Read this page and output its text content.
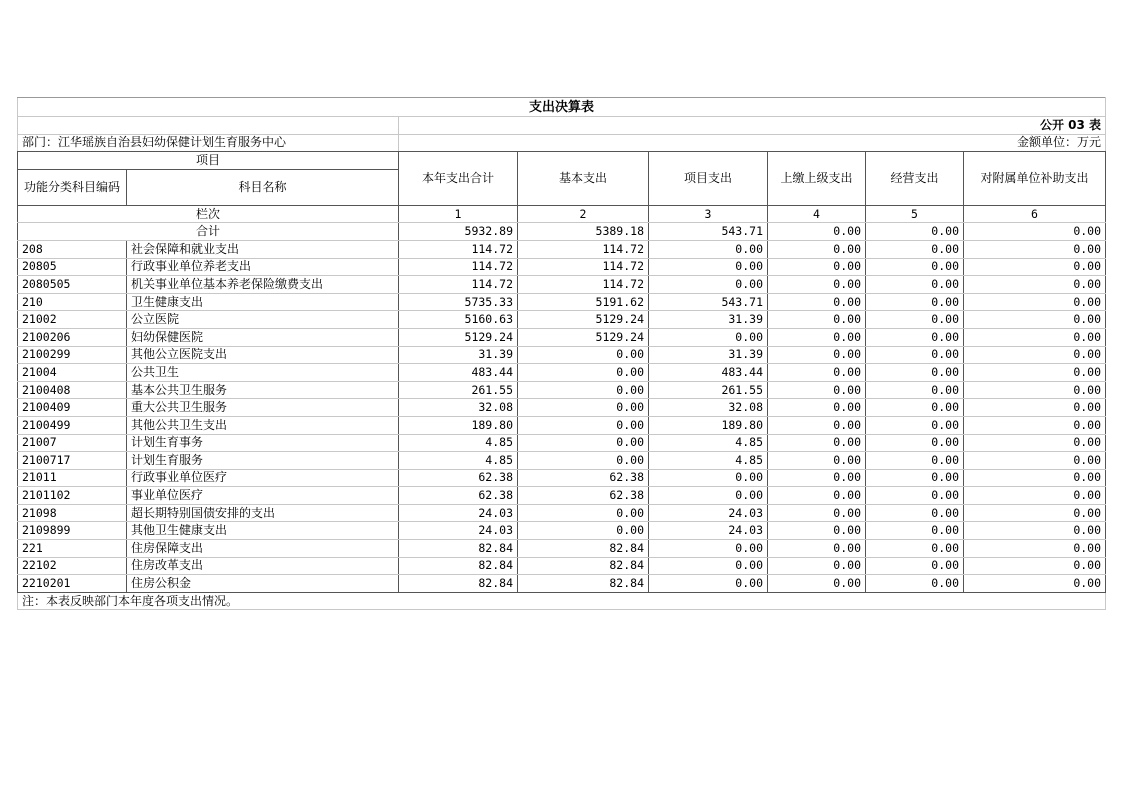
支出决算表							
		公开 03 表					
部门：江华瑶族自治县妇幼保健计划生育服务中心		金额单位：万元					
项目		本年支出合计	基本支出	项目支出	上缴上级支出	经营支出	对附属单位补助支出
功能分类科目编码	科目名称						
栏次		1	2	3	4	5	6
合计		5932.89	5389.18	543.71	0.00	0.00	0.00
208	社会保障和就业支出	114.72	114.72	0.00	0.00	0.00	0.00
20805	行政事业单位养老支出	114.72	114.72	0.00	0.00	0.00	0.00
2080505	机关事业单位基本养老保险缴费支出	114.72	114.72	0.00	0.00	0.00	0.00
210	卫生健康支出	5735.33	5191.62	543.71	0.00	0.00	0.00
21002	公立医院	5160.63	5129.24	31.39	0.00	0.00	0.00
2100206	妇幼保健医院	5129.24	5129.24	0.00	0.00	0.00	0.00
2100299	其他公立医院支出	31.39	0.00	31.39	0.00	0.00	0.00
21004	公共卫生	483.44	0.00	483.44	0.00	0.00	0.00
2100408	基本公共卫生服务	261.55	0.00	261.55	0.00	0.00	0.00
2100409	重大公共卫生服务	32.08	0.00	32.08	0.00	0.00	0.00
2100499	其他公共卫生支出	189.80	0.00	189.80	0.00	0.00	0.00
21007	计划生育事务	4.85	0.00	4.85	0.00	0.00	0.00
2100717	计划生育服务	4.85	0.00	4.85	0.00	0.00	0.00
21011	行政事业单位医疗	62.38	62.38	0.00	0.00	0.00	0.00
2101102	事业单位医疗	62.38	62.38	0.00	0.00	0.00	0.00
21098	超长期特别国债安排的支出	24.03	0.00	24.03	0.00	0.00	0.00
2109899	其他卫生健康支出	24.03	0.00	24.03	0.00	0.00	0.00
221	住房保障支出	82.84	82.84	0.00	0.00	0.00	0.00
22102	住房改革支出	82.84	82.84	0.00	0.00	0.00	0.00
2210201	住房公积金	82.84	82.84	0.00	0.00	0.00	0.00
注：本表反映部门本年度各项支出情况。							
